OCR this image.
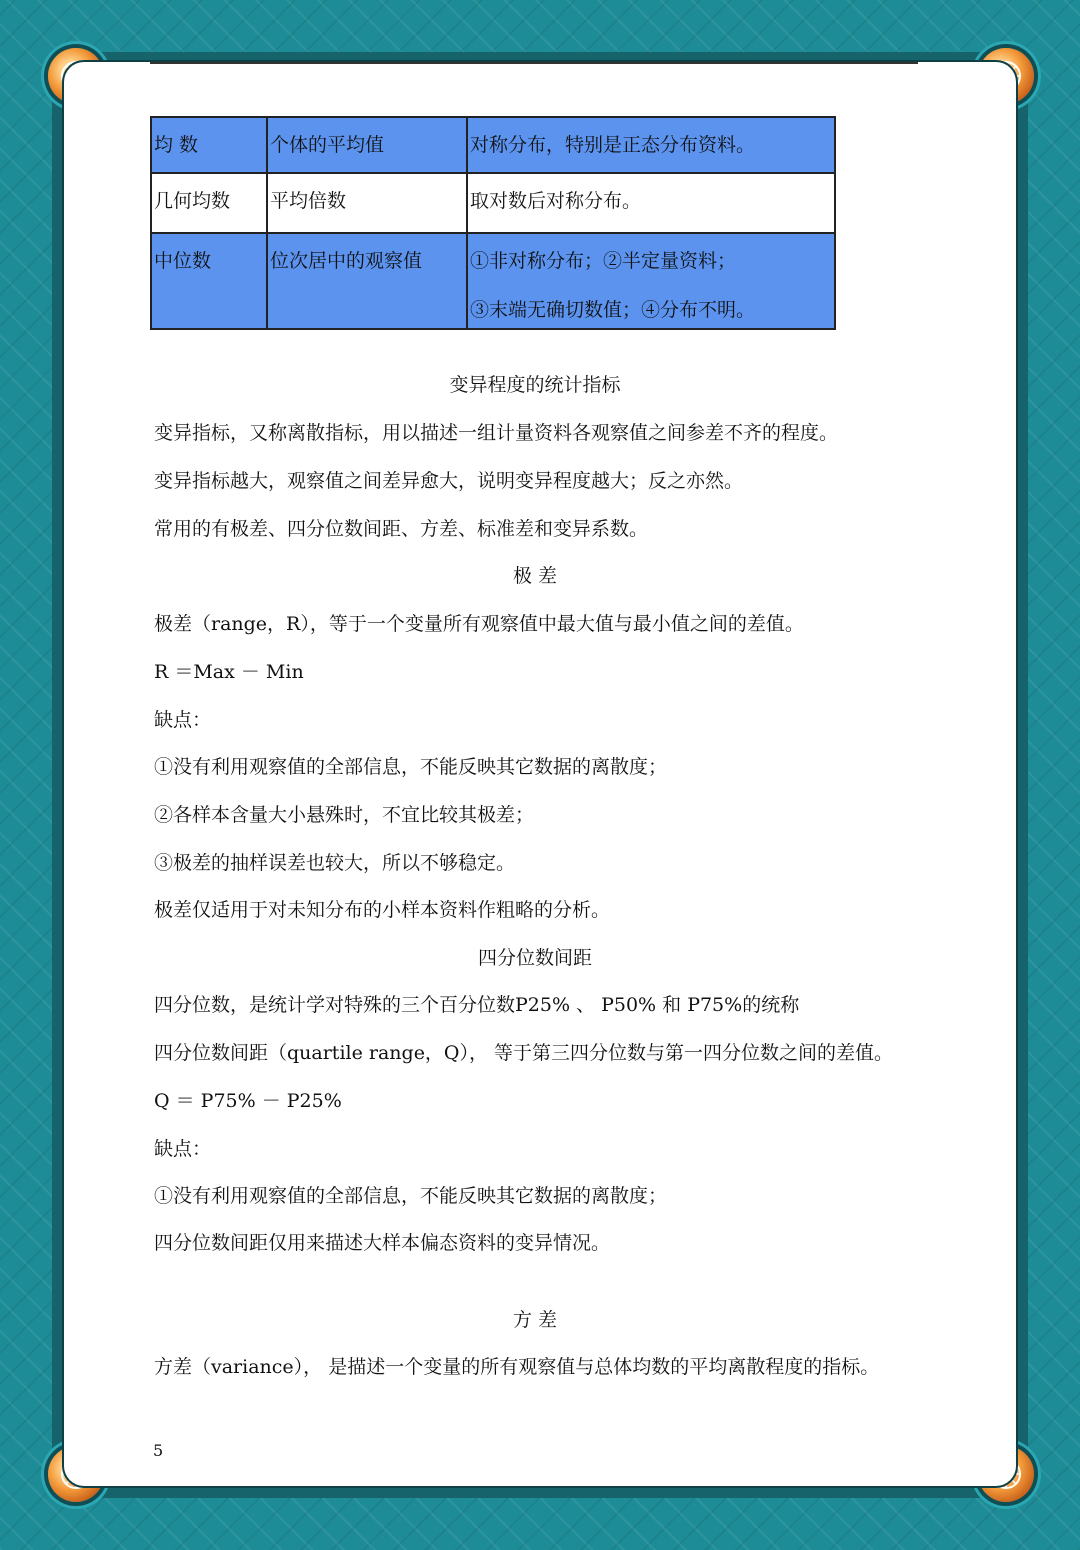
均 数	个体的平均值	对称分布，特别是正态分布资料。
几何均数	平均倍数	取对数后对称分布。
中位数	位次居中的观察值	①非对称分布；②半定量资料；
③末端无确切数值；④分布不明。
变异程度的统计指标
变异指标，又称离散指标，用以描述一组计量资料各观察值之间参差不齐的程度。
变异指标越大，观察值之间差异愈大，说明变异程度越大；反之亦然。
常用的有极差、四分位数间距、方差、标准差和变异系数。
极 差
极差（range，R），等于一个变量所有观察值中最大值与最小值之间的差值。
R ＝Max － Min
缺点：
①没有利用观察值的全部信息，不能反映其它数据的离散度；
②各样本含量大小悬殊时，不宜比较其极差；
③极差的抽样误差也较大，所以不够稳定。
极差仅适用于对未知分布的小样本资料作粗略的分析。
四分位数间距
四分位数，是统计学对特殊的三个百分位数P25% 、 P50% 和 P75%的统称
四分位数间距（quartile range，Q）， 等于第三四分位数与第一四分位数之间的差值。
Q ＝ P75% － P25%
缺点：
①没有利用观察值的全部信息，不能反映其它数据的离散度；
四分位数间距仅用来描述大样本偏态资料的变异情况。
方 差
方差（variance）， 是描述一个变量的所有观察值与总体均数的平均离散程度的指标。
5
